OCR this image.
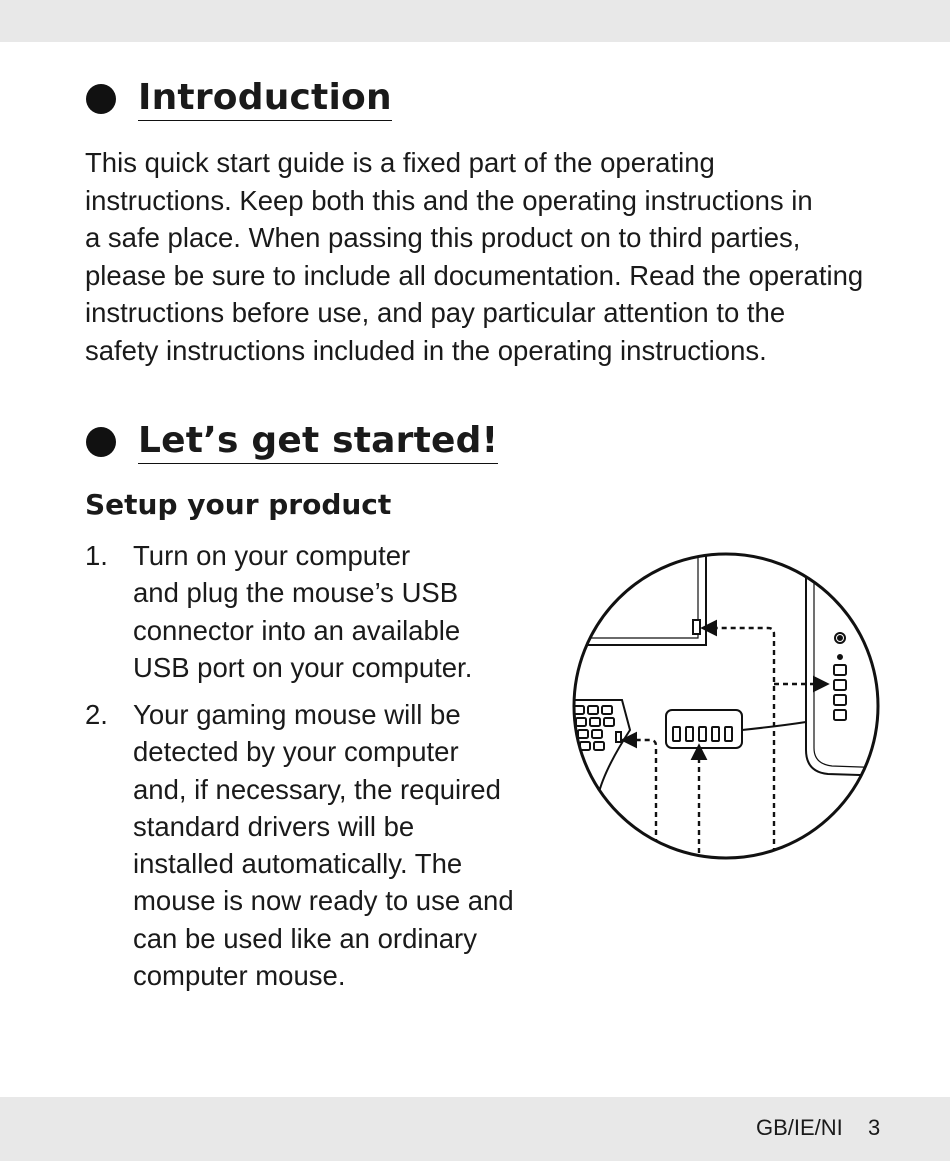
Introduction
This quick start guide is a fixed part of the operating
instructions. Keep both this and the operating instructions in
a safe place. When passing this product on to third parties,
please be sure to include all documentation. Read the operating
instructions before use, and pay particular attention to the
safety instructions included in the operating instructions.
Let’s get started!
Setup your product
1. Turn on your computer
and plug the mouse’s USB
connector into an available
USB port on your computer.
2. Your gaming mouse will be
detected by your computer
and, if necessary, the required
standard drivers will be
installed automatically. The
mouse is now ready to use and
can be used like an ordinary
computer mouse.
GB/IE/NI 3
